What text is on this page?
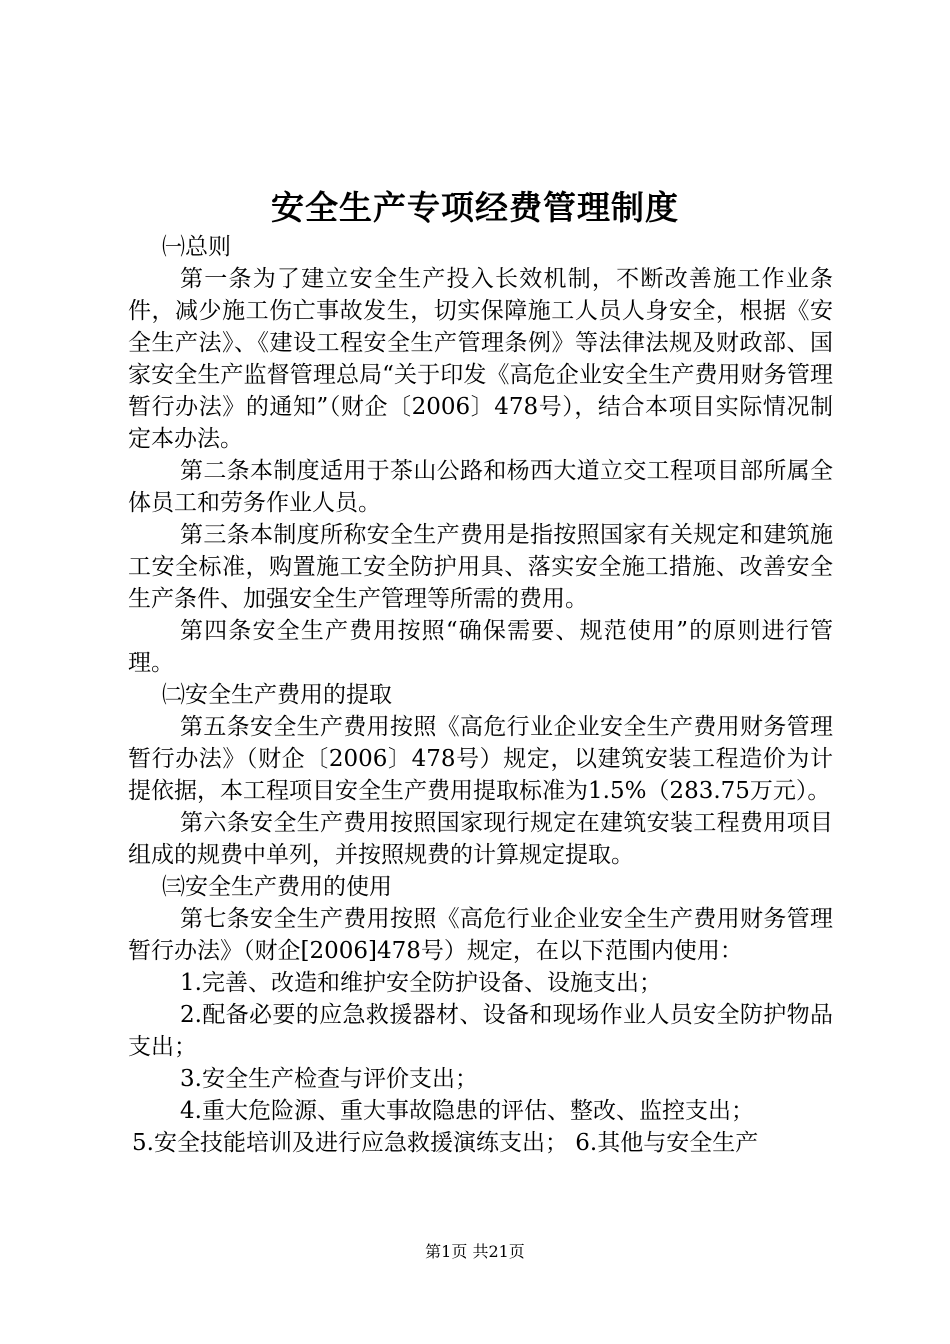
安全生产专项经费管理制度

㈠总则

第一条为了建立安全生产投入长效机制，不断改善施工作业条件，减少施工伤亡事故发生，切实保障施工人员人身安全，根据《安全生产法》、《建设工程安全生产管理条例》等法律法规及财政部、国家安全生产监督管理总局“关于印发《高危企业安全生产费用财务管理暂行办法》的通知”（财企〔2006〕478号），结合本项目实际情况制定本办法。

第二条本制度适用于茶山公路和杨西大道立交工程项目部所属全体员工和劳务作业人员。

第三条本制度所称安全生产费用是指按照国家有关规定和建筑施工安全标准，购置施工安全防护用具、落实安全施工措施、改善安全生产条件、加强安全生产管理等所需的费用。

第四条安全生产费用按照“确保需要、规范使用”的原则进行管理。

㈡安全生产费用的提取

第五条安全生产费用按照《高危行业企业安全生产费用财务管理暂行办法》（财企〔2006〕478号）规定，以建筑安装工程造价为计提依据，本工程项目安全生产费用提取标准为1.5%（283.75万元）。

第六条安全生产费用按照国家现行规定在建筑安装工程费用项目组成的规费中单列，并按照规费的计算规定提取。

㈢安全生产费用的使用

第七条安全生产费用按照《高危行业企业安全生产费用财务管理暂行办法》（财企[2006]478号）规定，在以下范围内使用：

1.完善、改造和维护安全防护设备、设施支出；

2.配备必要的应急救援器材、设备和现场作业人员安全防护物品支出；

3.安全生产检查与评价支出；

4.重大危险源、重大事故隐患的评估、整改、监控支出；

5.安全技能培训及进行应急救援演练支出； 6.其他与安全生产

第1页 共21页
